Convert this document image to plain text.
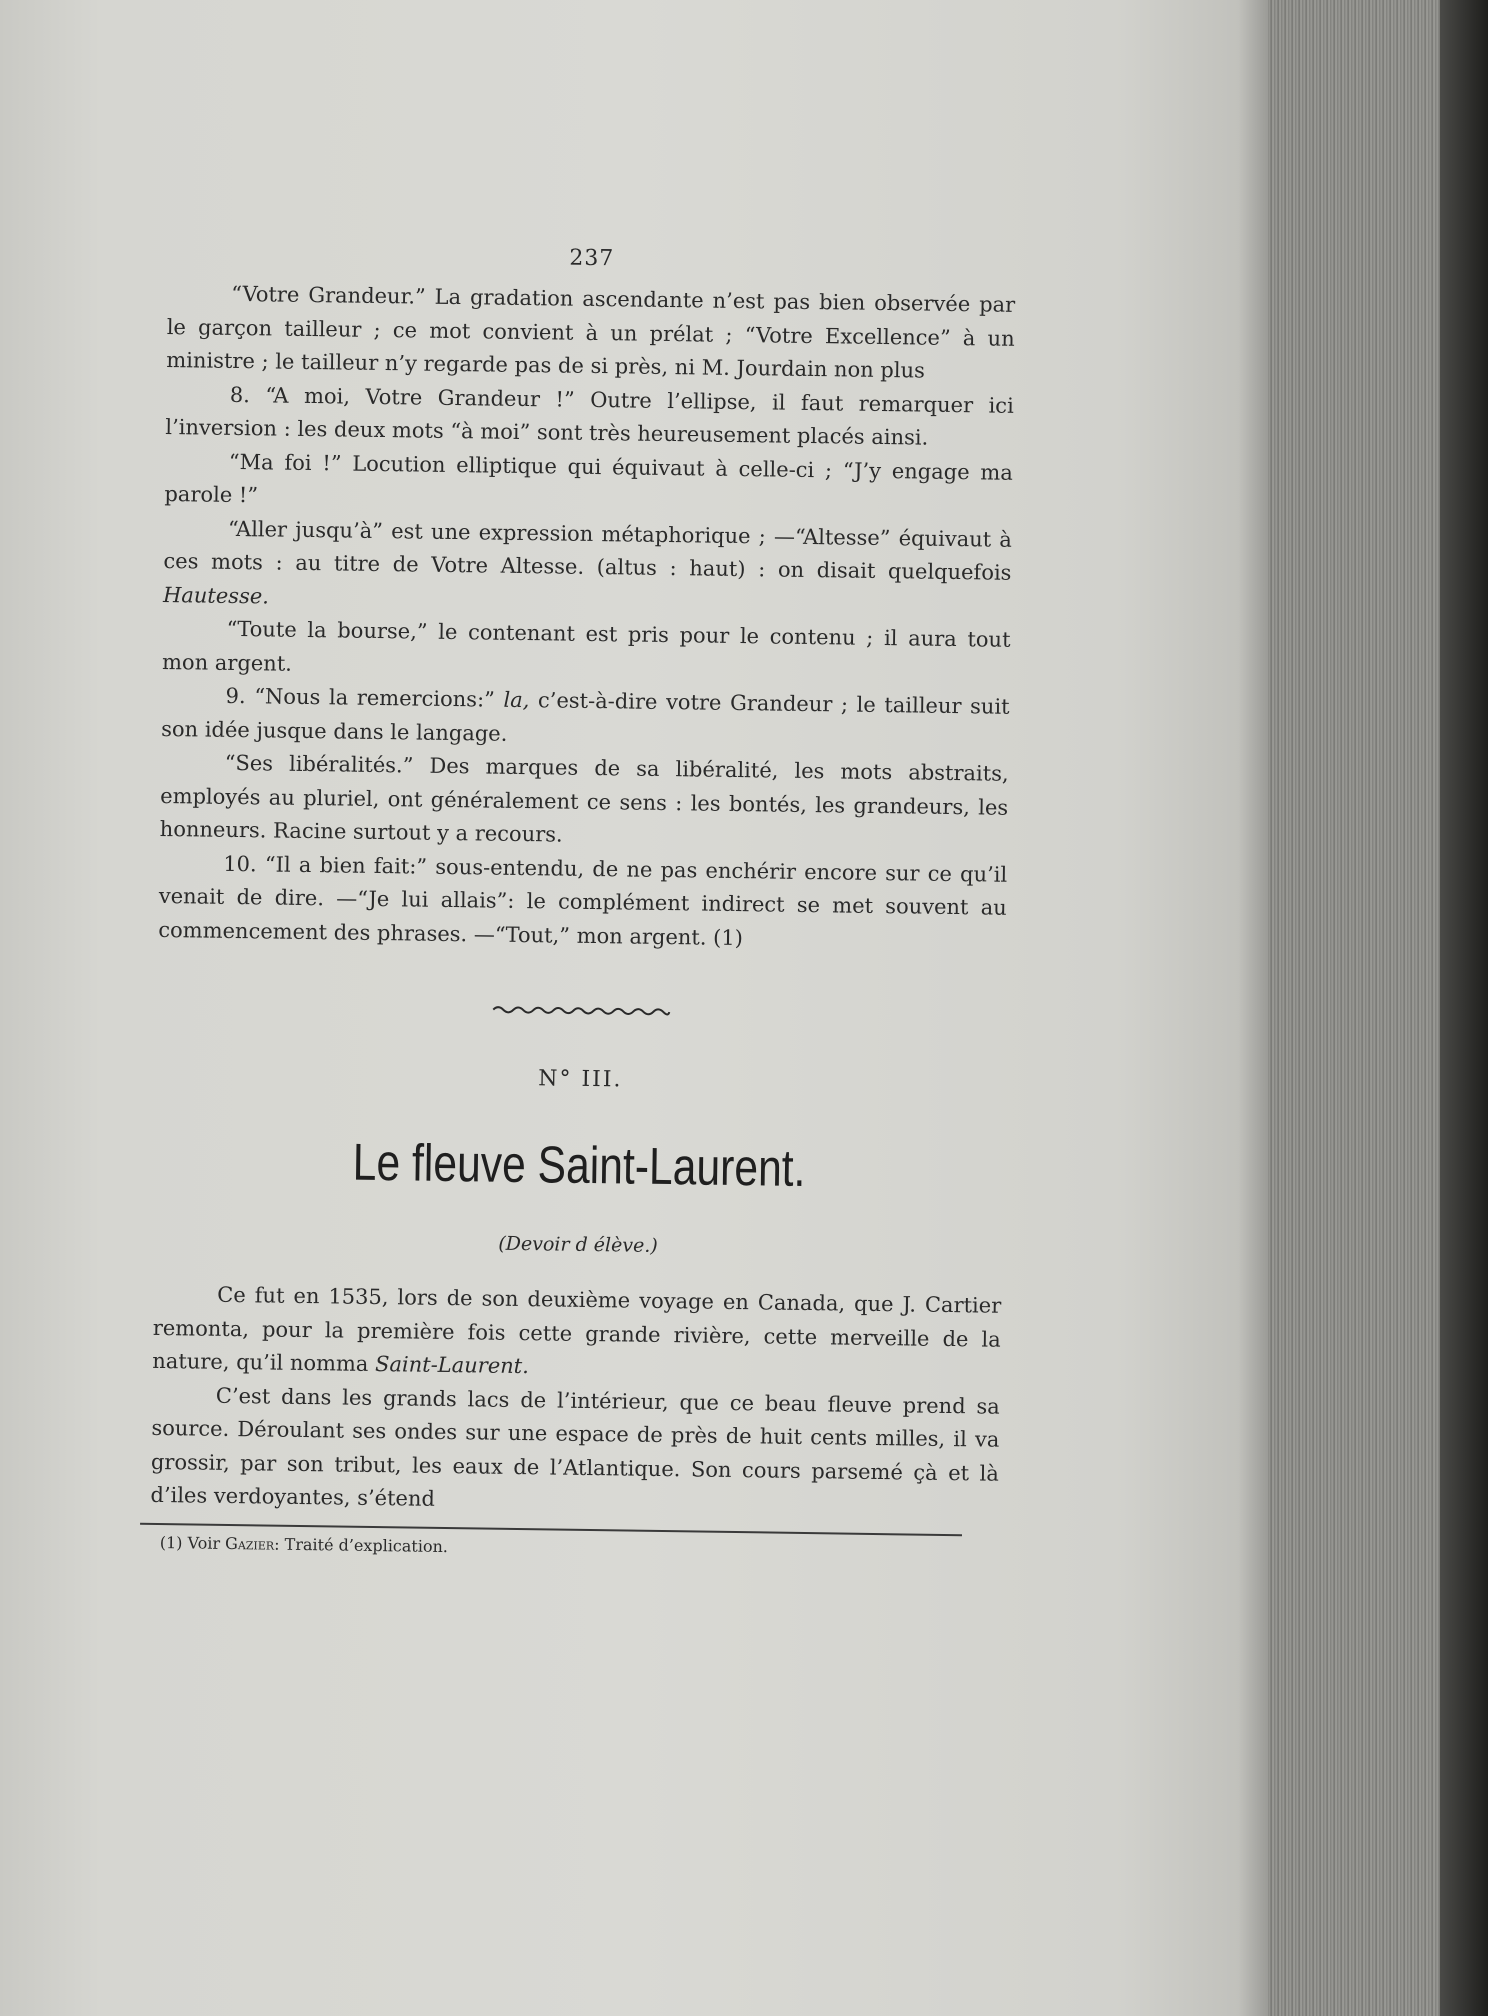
237

“Votre Grandeur.” La gradation ascendante n’est pas bien observée par le garçon tailleur ; ce mot convient à un prélat ; “Votre Excellence” à un ministre ; le tailleur n’y regarde pas de si près, ni M. Jourdain non plus

8. “A moi, Votre Grandeur !” Outre l’ellipse, il faut remarquer ici l’inversion : les deux mots “à moi” sont très heureusement placés ainsi.

“Ma foi !” Locution elliptique qui équivaut à celle-ci ; “J’y engage ma parole !”

“Aller jusqu’à” est une expression métaphorique ; —“Altesse” équivaut à ces mots : au titre de Votre Altesse. (altus : haut) : on disait quelquefois Hautesse.

“Toute la bourse,” le contenant est pris pour le contenu ; il aura tout mon argent.

9. “Nous la remercions:” la, c’est-à-dire votre Grandeur ; le tailleur suit son idée jusque dans le langage.

“Ses libéralités.” Des marques de sa libéralité, les mots abstraits, employés au pluriel, ont généralement ce sens : les bontés, les grandeurs, les honneurs. Racine surtout y a recours.

10. “Il a bien fait:” sous-entendu, de ne pas enchérir encore sur ce qu’il venait de dire. —“Je lui allais”: le complément indirect se met souvent au commencement des phrases. —“Tout,” mon argent. (1)

N° III.
Le fleuve Saint-Laurent.
(Devoir d élève.)

Ce fut en 1535, lors de son deuxième voyage en Canada, que J. Cartier remonta, pour la première fois cette grande rivière, cette merveille de la nature, qu’il nomma Saint-Laurent.

C’est dans les grands lacs de l’intérieur, que ce beau fleuve prend sa source. Déroulant ses ondes sur une espace de près de huit cents milles, il va grossir, par son tribut, les eaux de l’Atlantique. Son cours parsemé çà et là d’iles verdoyantes, s’étend

(1) Voir Gazier: Traité d’explication.
